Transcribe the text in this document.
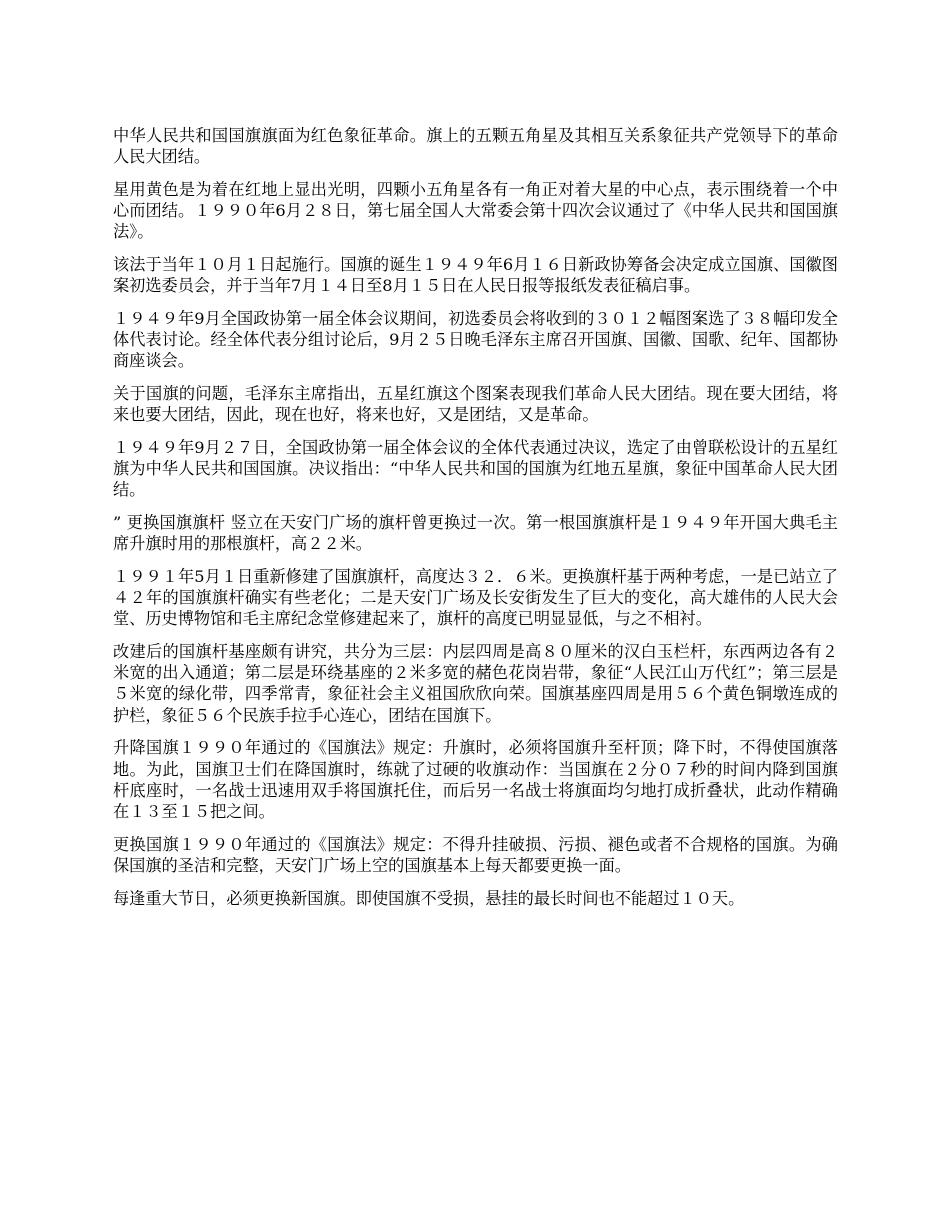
中华人民共和国国旗旗面为红色象征革命。旗上的五颗五角星及其相互关系象征共产党领导下的革命人民大团结。

星用黄色是为着在红地上显出光明，四颗小五角星各有一角正对着大星的中心点，表示围绕着一个中心而团结。１９９０年6月２８日，第七届全国人大常委会第十四次会议通过了《中华人民共和国国旗法》。

该法于当年１０月１日起施行。国旗的诞生１９４９年6月１６日新政协筹备会决定成立国旗、国徽图案初选委员会，并于当年7月１４日至8月１５日在人民日报等报纸发表征稿启事。

１９４９年9月全国政协第一届全体会议期间，初选委员会将收到的３０１２幅图案选了３８幅印发全体代表讨论。经全体代表分组讨论后，9月２５日晚毛泽东主席召开国旗、国徽、国歌、纪年、国都协商座谈会。

关于国旗的问题，毛泽东主席指出，五星红旗这个图案表现我们革命人民大团结。现在要大团结，将来也要大团结，因此，现在也好，将来也好，又是团结，又是革命。

１９４９年9月２７日，全国政协第一届全体会议的全体代表通过决议，选定了由曾联松设计的五星红旗为中华人民共和国国旗。决议指出：“中华人民共和国的国旗为红地五星旗，象征中国革命人民大团结。

” 更换国旗旗杆 竖立在天安门广场的旗杆曾更换过一次。第一根国旗旗杆是１９４９年开国大典毛主席升旗时用的那根旗杆，高２２米。

１９９１年5月１日重新修建了国旗旗杆，高度达３２．６米。更换旗杆基于两种考虑，一是已站立了４２年的国旗旗杆确实有些老化；二是天安门广场及长安街发生了巨大的变化，高大雄伟的人民大会堂、历史博物馆和毛主席纪念堂修建起来了，旗杆的高度已明显显低，与之不相衬。

改建后的国旗杆基座颇有讲究，共分为三层：内层四周是高８０厘米的汉白玉栏杆，东西两边各有２米宽的出入通道；第二层是环绕基座的２米多宽的赭色花岗岩带，象征“人民江山万代红”；第三层是５米宽的绿化带，四季常青，象征社会主义祖国欣欣向荣。国旗基座四周是用５６个黄色铜墩连成的护栏，象征５６个民族手拉手心连心，团结在国旗下。

升降国旗１９９０年通过的《国旗法》规定：升旗时，必须将国旗升至杆顶；降下时，不得使国旗落地。为此，国旗卫士们在降国旗时，练就了过硬的收旗动作：当国旗在２分０７秒的时间内降到国旗杆底座时，一名战士迅速用双手将国旗托住，而后另一名战士将旗面均匀地打成折叠状，此动作精确在１３至１５把之间。

更换国旗１９９０年通过的《国旗法》规定：不得升挂破损、污损、褪色或者不合规格的国旗。为确保国旗的圣洁和完整，天安门广场上空的国旗基本上每天都要更换一面。

每逢重大节日，必须更换新国旗。即使国旗不受损，悬挂的最长时间也不能超过１０天。
